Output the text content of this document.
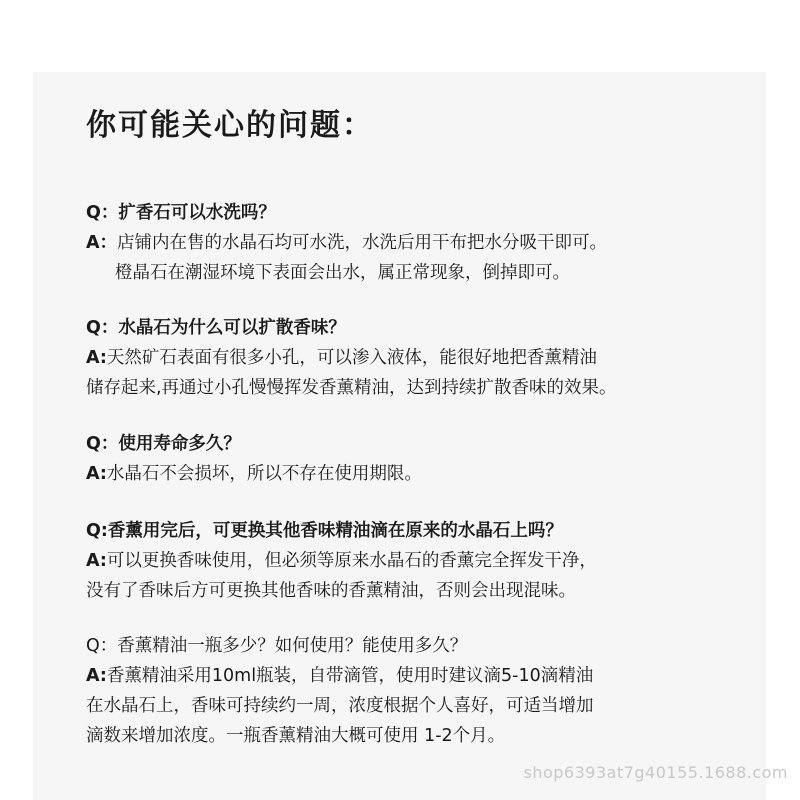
你可能关心的问题：
Q：扩香石可以水洗吗？
A：店铺内在售的水晶石均可水洗，水洗后用干布把水分吸干即可。
橙晶石在潮湿环境下表面会出水，属正常现象，倒掉即可。
Q：水晶石为什么可以扩散香味？
A:天然矿石表面有很多小孔，可以渗入液体，能很好地把香薰精油
储存起来,再通过小孔慢慢挥发香薰精油，达到持续扩散香味的效果。
Q：使用寿命多久？
A:水晶石不会损坏，所以不存在使用期限。
Q:香薰用完后，可更换其他香味精油滴在原来的水晶石上吗？
A:可以更换香味使用，但必须等原来水晶石的香薰完全挥发干净，
没有了香味后方可更换其他香味的香薰精油，否则会出现混味。
Q：香薰精油一瓶多少？如何使用？能使用多久？
A:香薰精油采用10ml瓶装，自带滴管，使用时建议滴5-10滴精油
在水晶石上，香味可持续约一周，浓度根据个人喜好，可适当增加
滴数来增加浓度。一瓶香薰精油大概可使用 1-2个月。
shop6393at7g40155.1688.com
